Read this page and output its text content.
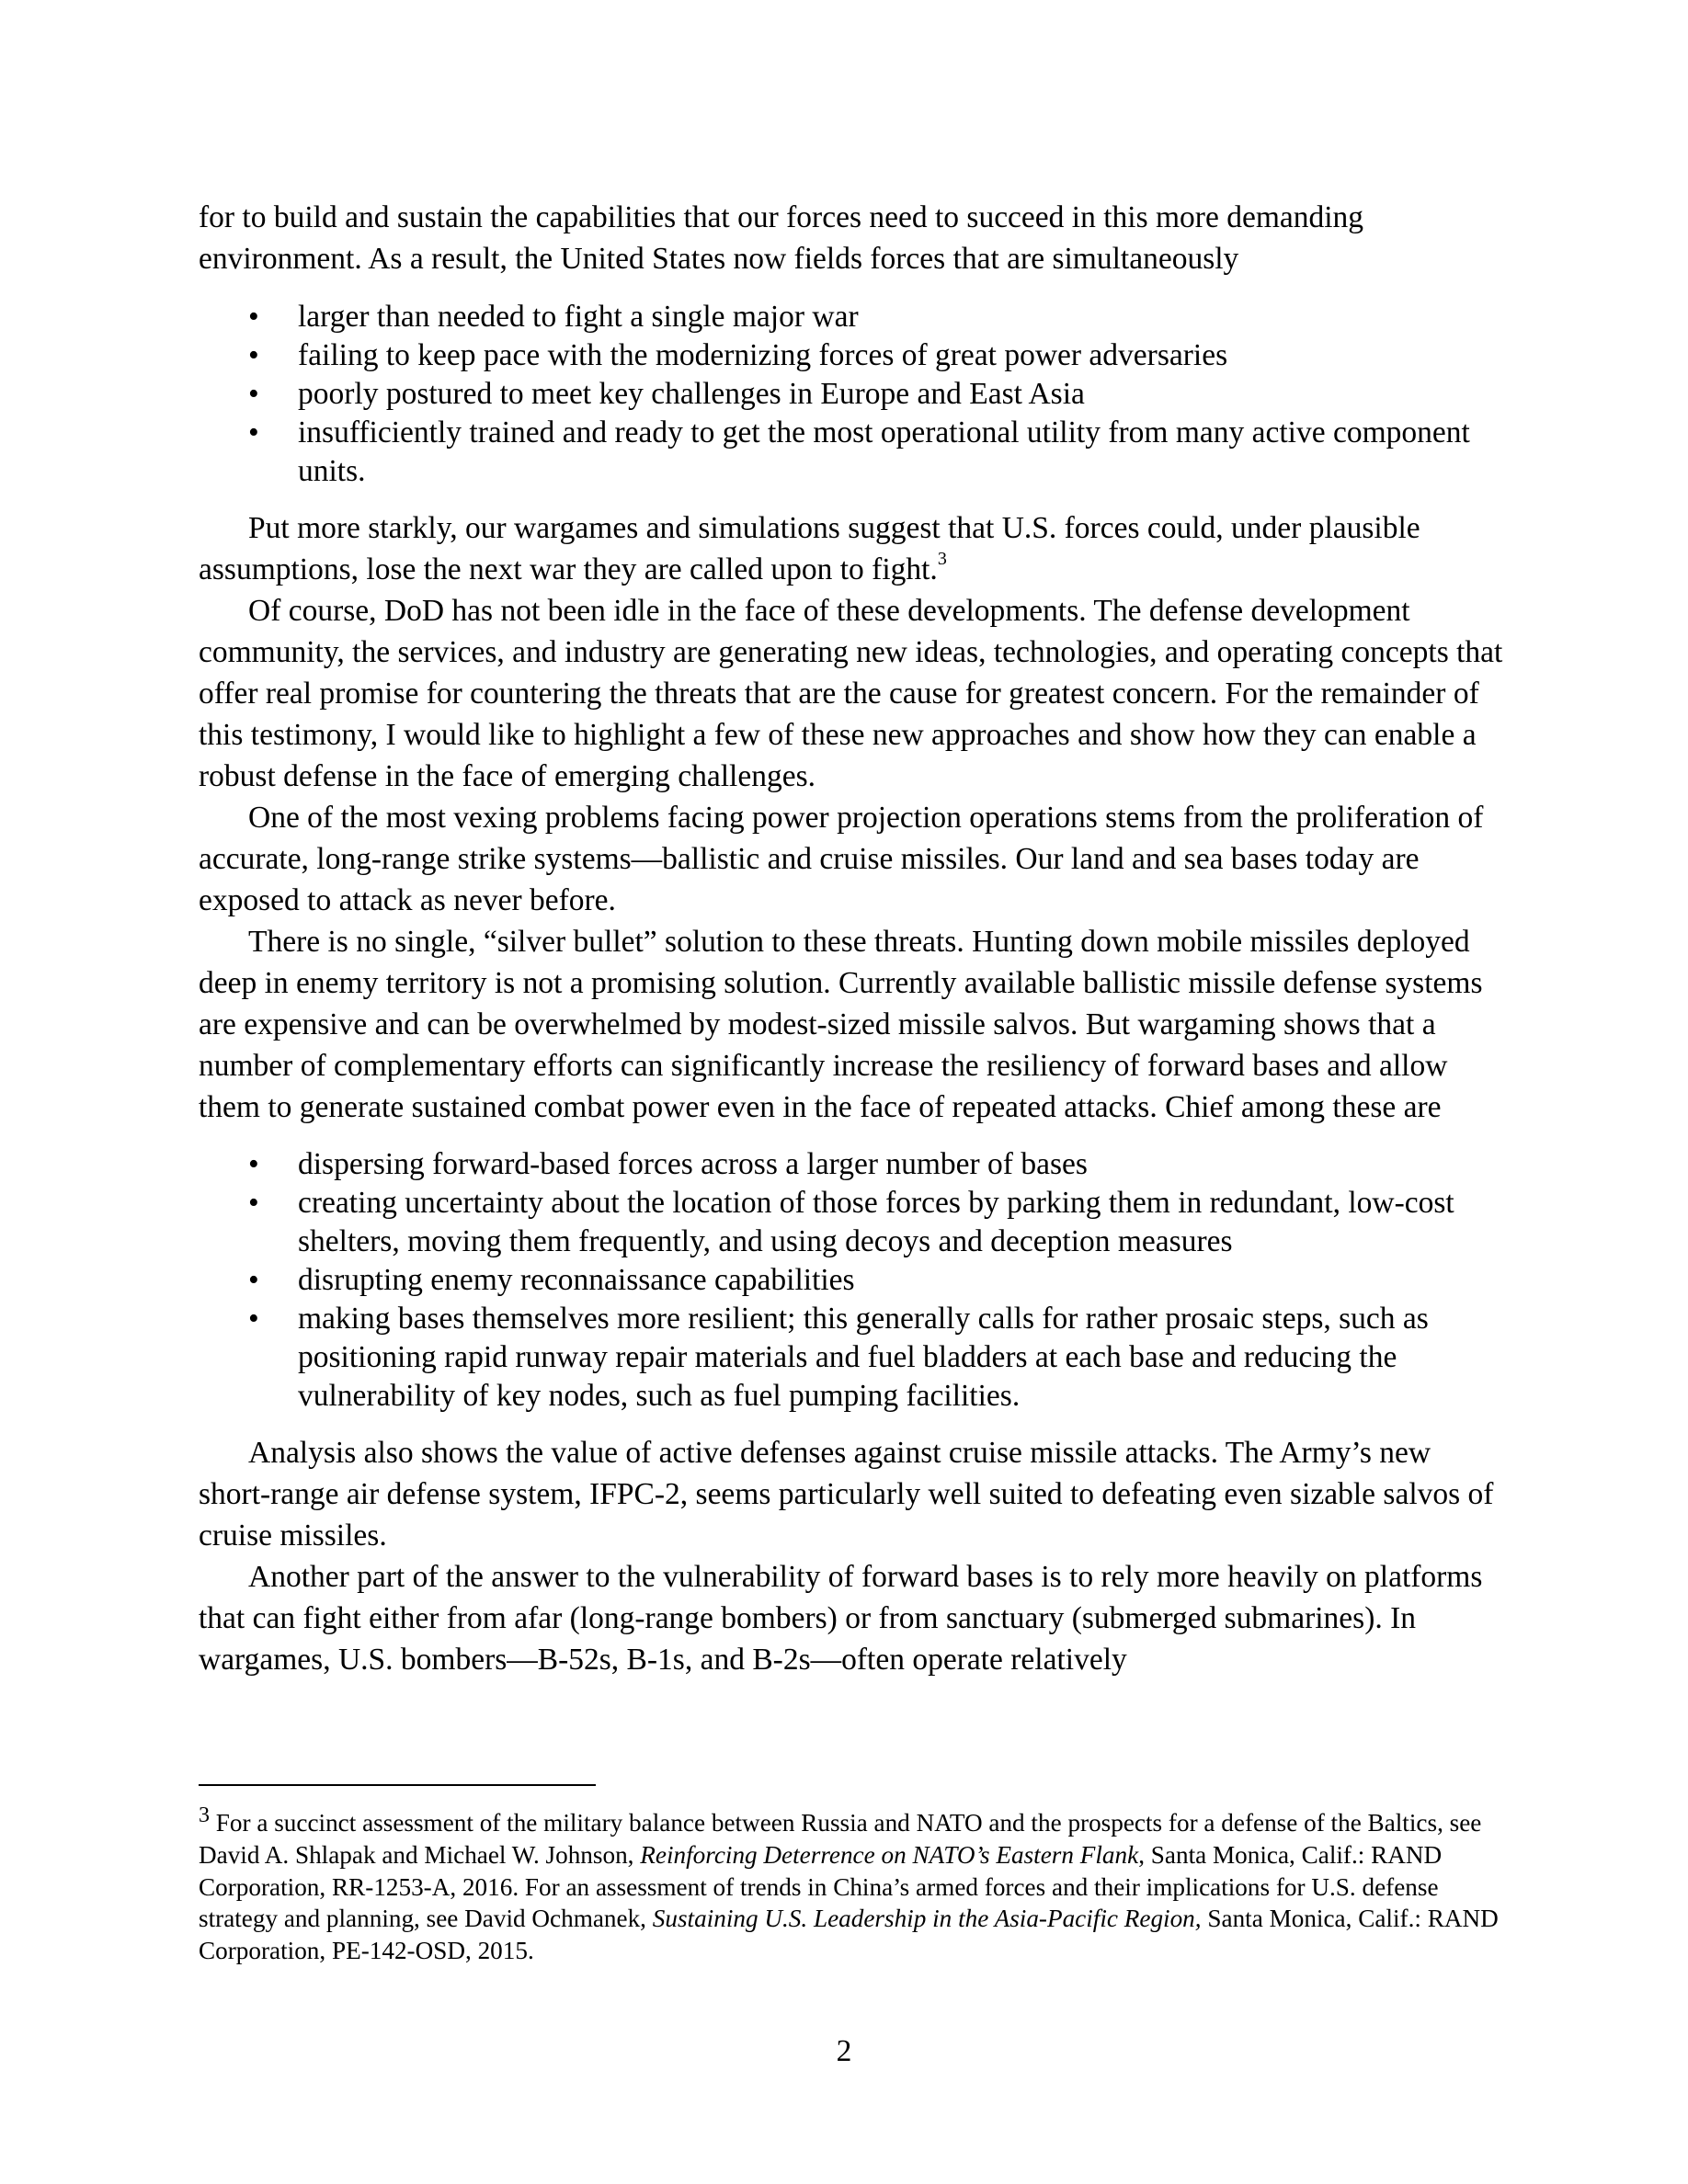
for to build and sustain the capabilities that our forces need to succeed in this more demanding environment. As a result, the United States now fields forces that are simultaneously

• larger than needed to fight a single major war
• failing to keep pace with the modernizing forces of great power adversaries
• poorly postured to meet key challenges in Europe and East Asia
• insufficiently trained and ready to get the most operational utility from many active component units.

Put more starkly, our wargames and simulations suggest that U.S. forces could, under plausible assumptions, lose the next war they are called upon to fight.$^3$

Of course, DoD has not been idle in the face of these developments. The defense development community, the services, and industry are generating new ideas, technologies, and operating concepts that offer real promise for countering the threats that are the cause for greatest concern. For the remainder of this testimony, I would like to highlight a few of these new approaches and show how they can enable a robust defense in the face of emerging challenges.

One of the most vexing problems facing power projection operations stems from the proliferation of accurate, long-range strike systems—ballistic and cruise missiles. Our land and sea bases today are exposed to attack as never before.

There is no single, “silver bullet” solution to these threats. Hunting down mobile missiles deployed deep in enemy territory is not a promising solution. Currently available ballistic missile defense systems are expensive and can be overwhelmed by modest-sized missile salvos. But wargaming shows that a number of complementary efforts can significantly increase the resiliency of forward bases and allow them to generate sustained combat power even in the face of repeated attacks. Chief among these are

• dispersing forward-based forces across a larger number of bases
• creating uncertainty about the location of those forces by parking them in redundant, low-cost shelters, moving them frequently, and using decoys and deception measures
• disrupting enemy reconnaissance capabilities
• making bases themselves more resilient; this generally calls for rather prosaic steps, such as positioning rapid runway repair materials and fuel bladders at each base and reducing the vulnerability of key nodes, such as fuel pumping facilities.

Analysis also shows the value of active defenses against cruise missile attacks. The Army’s new short-range air defense system, IFPC-2, seems particularly well suited to defeating even sizable salvos of cruise missiles.

Another part of the answer to the vulnerability of forward bases is to rely more heavily on platforms that can fight either from afar (long-range bombers) or from sanctuary (submerged submarines). In wargames, U.S. bombers—B-52s, B-1s, and B-2s—often operate relatively

$^3$ For a succinct assessment of the military balance between Russia and NATO and the prospects for a defense of the Baltics, see David A. Shlapak and Michael W. Johnson, Reinforcing Deterrence on NATO’s Eastern Flank, Santa Monica, Calif.: RAND Corporation, RR-1253-A, 2016. For an assessment of trends in China’s armed forces and their implications for U.S. defense strategy and planning, see David Ochmanek, Sustaining U.S. Leadership in the Asia-Pacific Region, Santa Monica, Calif.: RAND Corporation, PE-142-OSD, 2015.
2
